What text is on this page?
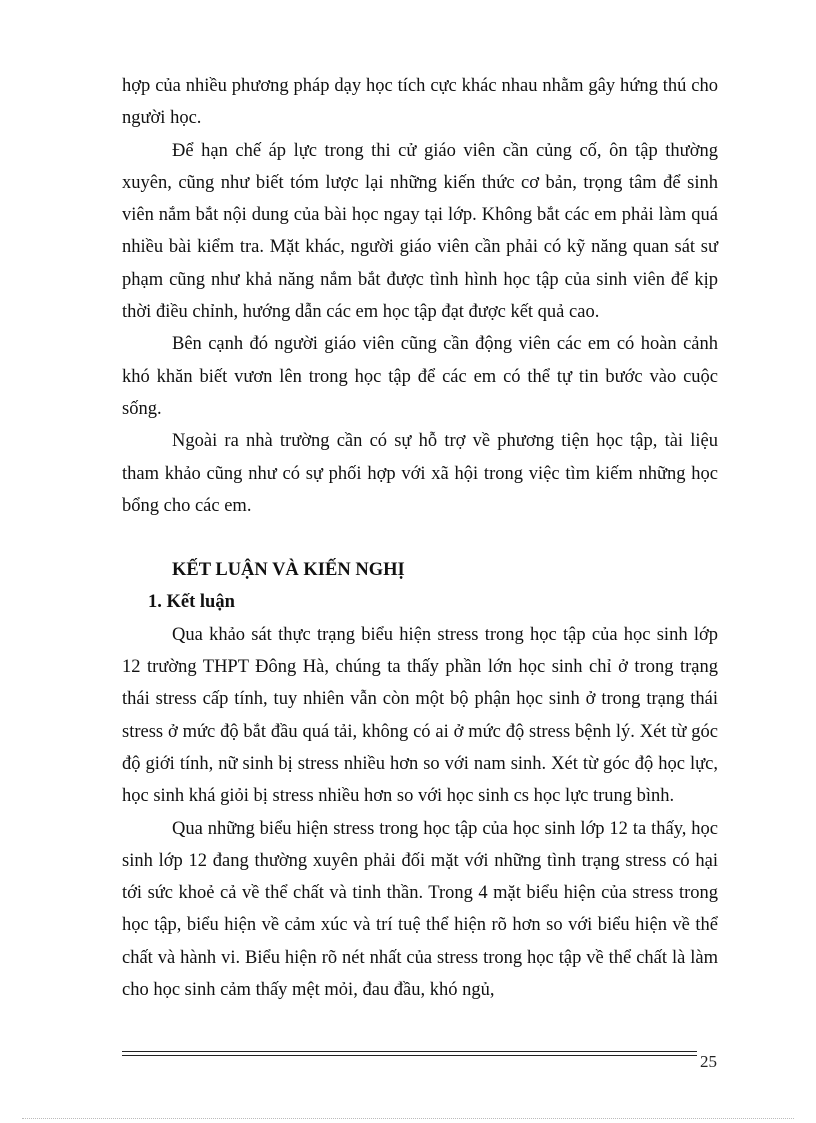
hợp của nhiều phương pháp dạy học tích cực khác nhau nhằm gây hứng thú cho người học.

Để hạn chế áp lực trong thi cử giáo viên cần củng cố, ôn tập thường xuyên, cũng như biết tóm lược lại những kiến thức cơ bản, trọng tâm để sinh viên nắm bắt nội dung của bài học ngay tại lớp. Không bắt các em phải làm quá nhiều bài kiểm tra. Mặt khác, người giáo viên cần phải có kỹ năng quan sát sư phạm cũng như khả năng nắm bắt được tình hình học tập của sinh viên để kịp thời điều chỉnh, hướng dẫn các em học tập đạt được kết quả cao.

Bên cạnh đó người giáo viên cũng cần động viên các em có hoàn cảnh khó khăn biết vươn lên trong học tập để các em có thể tự tin bước vào cuộc sống.

Ngoài ra nhà trường cần có sự hỗ trợ về phương tiện học tập, tài liệu tham khảo cũng như có sự phối hợp với xã hội trong việc tìm kiếm những học bổng cho các em.

KẾT LUẬN VÀ KIẾN NGHỊ

1. Kết luận

Qua khảo sát thực trạng biểu hiện stress trong học tập của học sinh lớp 12 trường THPT Đông Hà, chúng ta thấy phần lớn học sinh chỉ ở trong trạng thái stress cấp tính, tuy nhiên vẫn còn một bộ phận học sinh ở trong trạng thái stress ở mức độ bắt đầu quá tải, không có ai ở mức độ stress bệnh lý. Xét từ góc độ giới tính, nữ sinh bị stress nhiều hơn so với nam sinh. Xét từ góc độ học lực, học sinh khá giỏi bị stress nhiều hơn so với học sinh cs học lực trung bình.

Qua những biểu hiện stress trong học tập của học sinh lớp 12 ta thấy, học sinh lớp 12 đang thường xuyên phải đối mặt với những tình trạng stress có hại tới sức khoẻ cả về thể chất và tinh thần. Trong 4 mặt biểu hiện của stress trong học tập, biểu hiện về cảm xúc và trí tuệ thể hiện rõ hơn so với biểu hiện về thể chất và hành vi. Biểu hiện rõ nét nhất của stress trong học tập về thể chất là làm cho học sinh cảm thấy mệt mỏi, đau đầu, khó ngủ,

25
